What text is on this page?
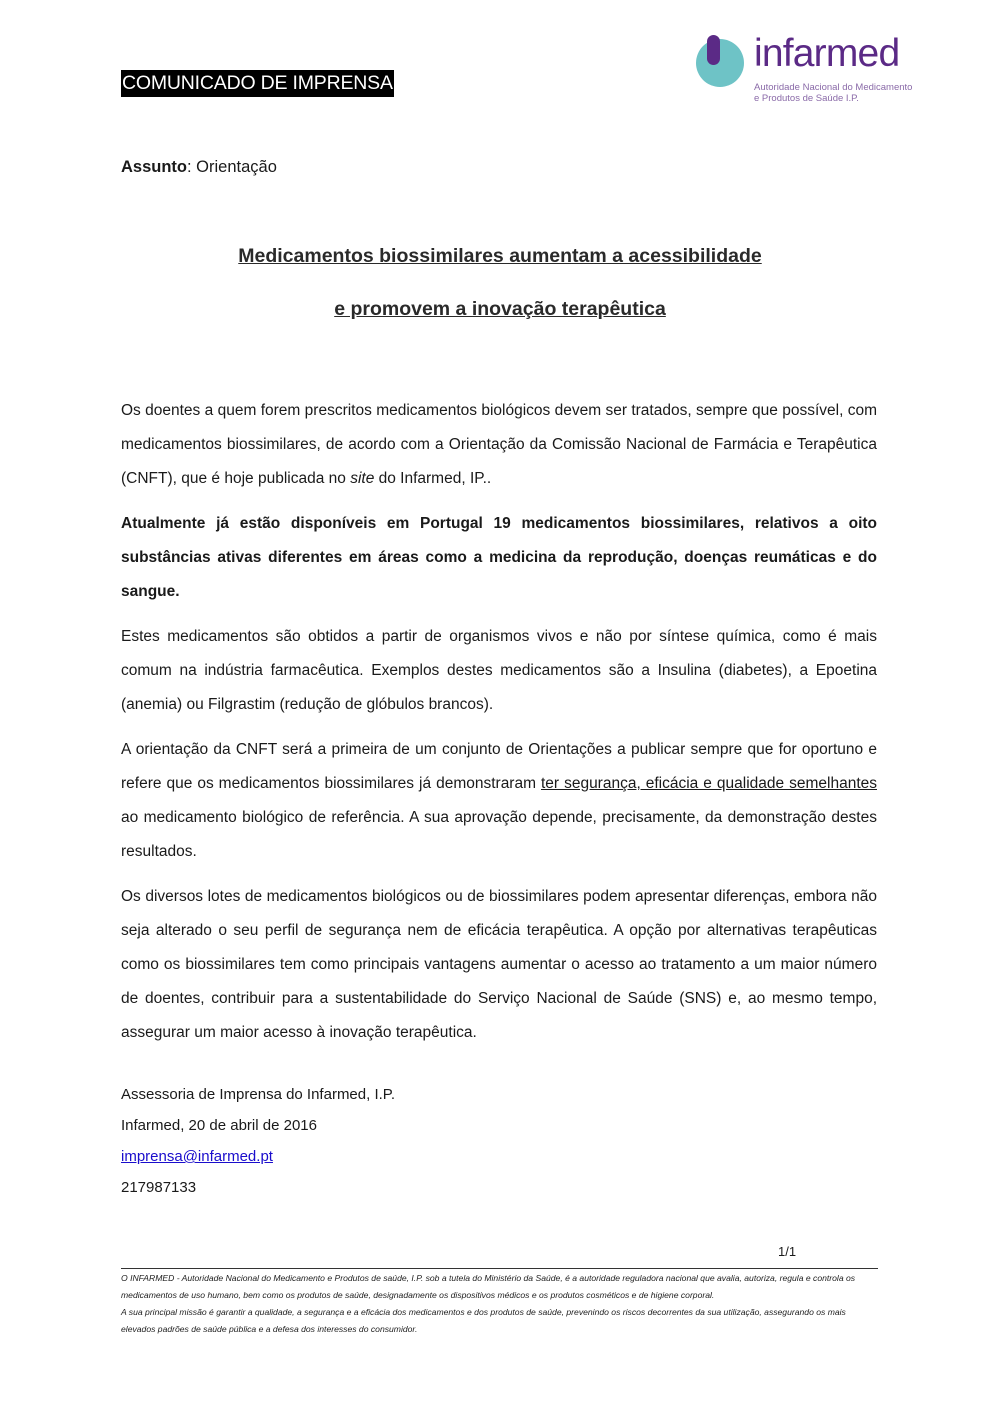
COMUNICADO DE IMPRENSA
infarmed
Autoridade Nacional do Medicamento
e Produtos de Saúde I.P.
Assunto: Orientação
Medicamentos biossimilares aumentam a acessibilidade
e promovem a inovação terapêutica

Os doentes a quem forem prescritos medicamentos biológicos devem ser tratados, sempre que possível, com medicamentos biossimilares, de acordo com a Orientação da Comissão Nacional de Farmácia e Terapêutica (CNFT), que é hoje publicada no site do Infarmed, IP..

Atualmente já estão disponíveis em Portugal 19 medicamentos biossimilares, relativos a oito substâncias ativas diferentes em áreas como a medicina da reprodução, doenças reumáticas e do sangue.

Estes medicamentos são obtidos a partir de organismos vivos e não por síntese química, como é mais comum na indústria farmacêutica. Exemplos destes medicamentos são a Insulina (diabetes), a Epoetina (anemia) ou Filgrastim (redução de glóbulos brancos).

A orientação da CNFT será a primeira de um conjunto de Orientações a publicar sempre que for oportuno e refere que os medicamentos biossimilares já demonstraram ter segurança, eficácia e qualidade semelhantes ao medicamento biológico de referência. A sua aprovação depende, precisamente, da demonstração destes resultados.

Os diversos lotes de medicamentos biológicos ou de biossimilares podem apresentar diferenças, embora não seja alterado o seu perfil de segurança nem de eficácia terapêutica. A opção por alternativas terapêuticas como os biossimilares tem como principais vantagens aumentar o acesso ao tratamento a um maior número de doentes, contribuir para a sustentabilidade do Serviço Nacional de Saúde (SNS) e, ao mesmo tempo, assegurar um maior acesso à inovação terapêutica.

Assessoria de Imprensa do Infarmed, I.P.
Infarmed, 20 de abril de 2016
imprensa@infarmed.pt
217987133
1/1

O INFARMED - Autoridade Nacional do Medicamento e Produtos de saúde, I.P. sob a tutela do Ministério da Saúde, é a autoridade reguladora nacional que avalia, autoriza, regula e controla os medicamentos de uso humano, bem como os produtos de saúde, designadamente os dispositivos médicos e os produtos cosméticos e de higiene corporal.

A sua principal missão é garantir a qualidade, a segurança e a eficácia dos medicamentos e dos produtos de saúde, prevenindo os riscos decorrentes da sua utilização, assegurando os mais elevados padrões de saúde pública e a defesa dos interesses do consumidor.
